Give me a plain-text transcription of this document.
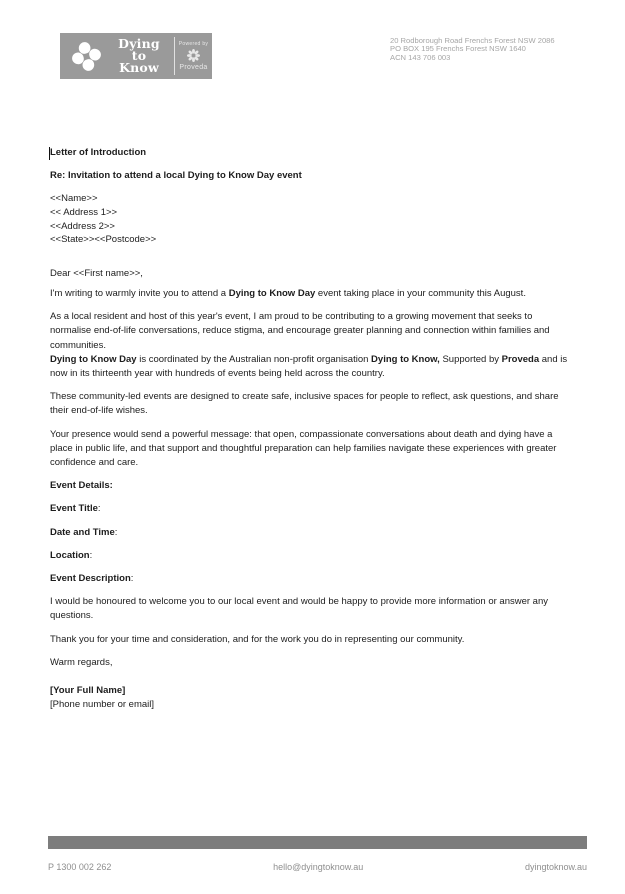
Dying
to
Know
Powered by
Proveda
20 Rodborough Road Frenchs Forest NSW 2086
PO BOX 195 Frenchs Forest NSW 1640
ACN 143 706 003

Letter of Introduction

Re: Invitation to attend a local Dying to Know Day event

<<Name>>

<< Address 1>>

<<Address 2>>

<<State>><<Postcode>>

Dear <<First name>>,

I'm writing to warmly invite you to attend a Dying to Know Day event taking place in your community this August.

As a local resident and host of this year's event, I am proud to be contributing to a growing movement that seeks to normalise end-of-life conversations, reduce stigma, and encourage greater planning and connection within families and communities.

Dying to Know Day is coordinated by the Australian non-profit organisation Dying to Know, Supported by Proveda and is now in its thirteenth year with hundreds of events being held across the country.

These community-led events are designed to create safe, inclusive spaces for people to reflect, ask questions, and share their end-of-life wishes.

Your presence would send a powerful message: that open, compassionate conversations about death and dying have a place in public life, and that support and thoughtful preparation can help families navigate these experiences with greater confidence and care.

Event Details:

Event Title:

Date and Time:

Location:

Event Description:

I would be honoured to welcome you to our local event and would be happy to provide more information or answer any questions.

Thank you for your time and consideration, and for the work you do in representing our community.

Warm regards,

[Your Full Name]

[Phone number or email]

P 1300 002 262	hello@dyingtoknow.au	dyingtoknow.au
